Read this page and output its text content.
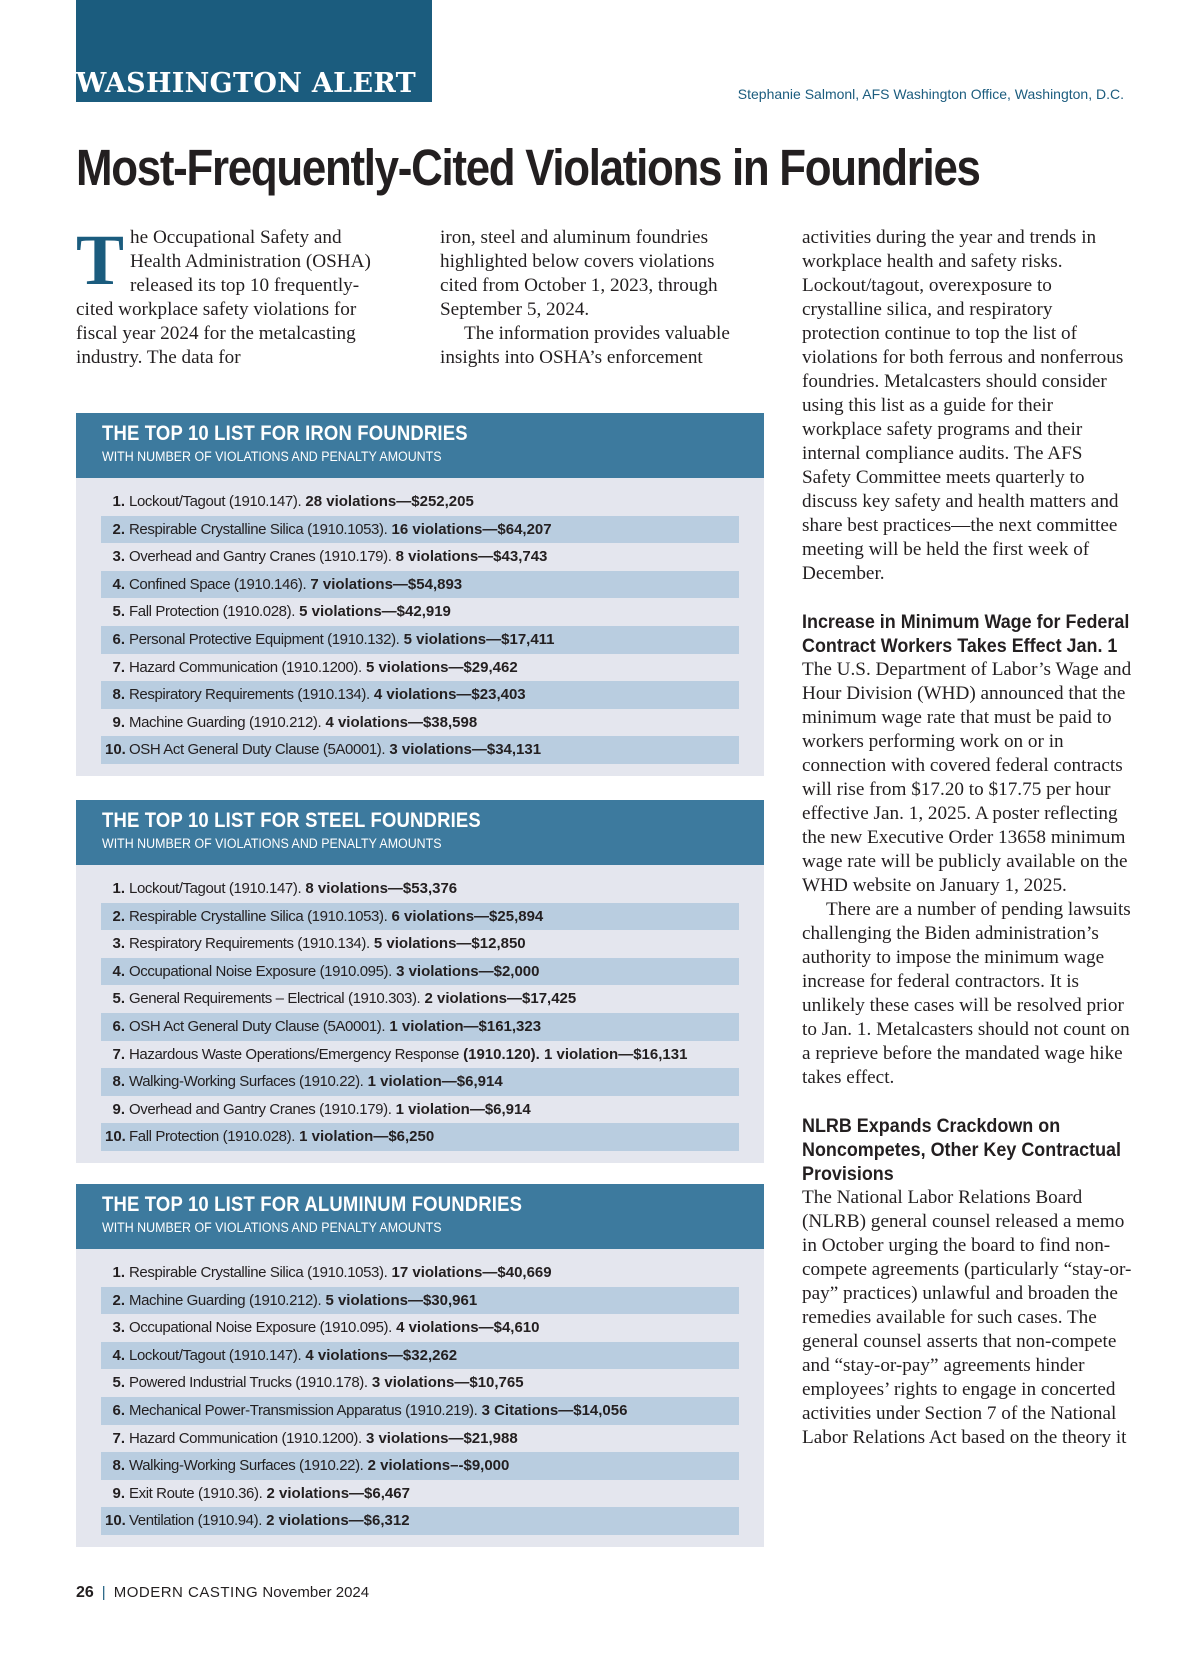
WASHINGTON ALERT	Stephanie Salmonl, AFS Washington Office, Washington, D.C.
Most-Frequently-Cited Violations in Foundries

The Occupational Safety and Health Administration (OSHA) released its top 10 frequently-cited workplace safety violations for fiscal year 2024 for the metalcasting industry. The data for

iron, steel and aluminum foundries highlighted below covers violations cited from October 1, 2023, through September 5, 2024.

The information provides valuable insights into OSHA’s enforcement

activities during the year and trends in workplace health and safety risks. Lockout/tagout, overexposure to crystalline silica, and respiratory protection continue to top the list of violations for both ferrous and nonferrous foundries. Metalcasters should consider using this list as a guide for their workplace safety programs and their internal compliance audits. The AFS Safety Committee meets quarterly to discuss key safety and health matters and share best practices—the next committee meeting will be held the first week of December.

Increase in Minimum Wage for Federal Contract Workers Takes Effect Jan. 1

The U.S. Department of Labor’s Wage and Hour Division (WHD) announced that the minimum wage rate that must be paid to workers performing work on or in connection with covered federal contracts will rise from $17.20 to $17.75 per hour effective Jan. 1, 2025. A poster reflecting the new Executive Order 13658 minimum wage rate will be publicly available on the WHD website on January 1, 2025.

There are a number of pending lawsuits challenging the Biden administration’s authority to impose the minimum wage increase for federal contractors. It is unlikely these cases will be resolved prior to Jan. 1. Metalcasters should not count on a reprieve before the mandated wage hike takes effect.

NLRB Expands Crackdown on Noncompetes, Other Key Contractual Provisions

The National Labor Relations Board (NLRB) general counsel released a memo in October urging the board to find non-compete agreements (particularly “stay-or-pay” practices) unlawful and broaden the remedies available for such cases. The general counsel asserts that non-compete and “stay-or-pay” agreements hinder employees’ rights to engage in concerted activities under Section 7 of the National Labor Relations Act based on the theory it

THE TOP 10 LIST FOR IRON FOUNDRIES
WITH NUMBER OF VIOLATIONS AND PENALTY AMOUNTS
1. Lockout/Tagout (1910.147). 28 violations—$252,205
2. Respirable Crystalline Silica (1910.1053). 16 violations—$64,207
3. Overhead and Gantry Cranes (1910.179). 8 violations—$43,743
4. Confined Space (1910.146). 7 violations—$54,893
5. Fall Protection (1910.028). 5 violations—$42,919
6. Personal Protective Equipment (1910.132). 5 violations—$17,411
7. Hazard Communication (1910.1200). 5 violations—$29,462
8. Respiratory Requirements (1910.134). 4 violations—$23,403
9. Machine Guarding (1910.212). 4 violations—$38,598
10. OSH Act General Duty Clause (5A0001). 3 violations—$34,131
THE TOP 10 LIST FOR STEEL FOUNDRIES
WITH NUMBER OF VIOLATIONS AND PENALTY AMOUNTS
1. Lockout/Tagout (1910.147). 8 violations—$53,376
2. Respirable Crystalline Silica (1910.1053). 6 violations—$25,894
3. Respiratory Requirements (1910.134). 5 violations—$12,850
4. Occupational Noise Exposure (1910.095). 3 violations—$2,000
5. General Requirements – Electrical (1910.303). 2 violations—$17,425
6. OSH Act General Duty Clause (5A0001). 1 violation—$161,323
7. Hazardous Waste Operations/Emergency Response (1910.120). 1 violation—$16,131
8. Walking-Working Surfaces (1910.22). 1 violation—$6,914
9. Overhead and Gantry Cranes (1910.179). 1 violation—$6,914
10. Fall Protection (1910.028). 1 violation—$6,250
THE TOP 10 LIST FOR ALUMINUM FOUNDRIES
WITH NUMBER OF VIOLATIONS AND PENALTY AMOUNTS
1. Respirable Crystalline Silica (1910.1053). 17 violations—$40,669
2. Machine Guarding (1910.212). 5 violations—$30,961
3. Occupational Noise Exposure (1910.095). 4 violations—$4,610
4. Lockout/Tagout (1910.147). 4 violations—$32,262
5. Powered Industrial Trucks (1910.178). 3 violations—$10,765
6. Mechanical Power-Transmission Apparatus (1910.219). 3 Citations—$14,056
7. Hazard Communication (1910.1200). 3 violations—$21,988
8. Walking-Working Surfaces (1910.22). 2 violations–-$9,000
9. Exit Route (1910.36). 2 violations—$6,467
10. Ventilation (1910.94). 2 violations—$6,312
26 | MODERN CASTING November 2024
